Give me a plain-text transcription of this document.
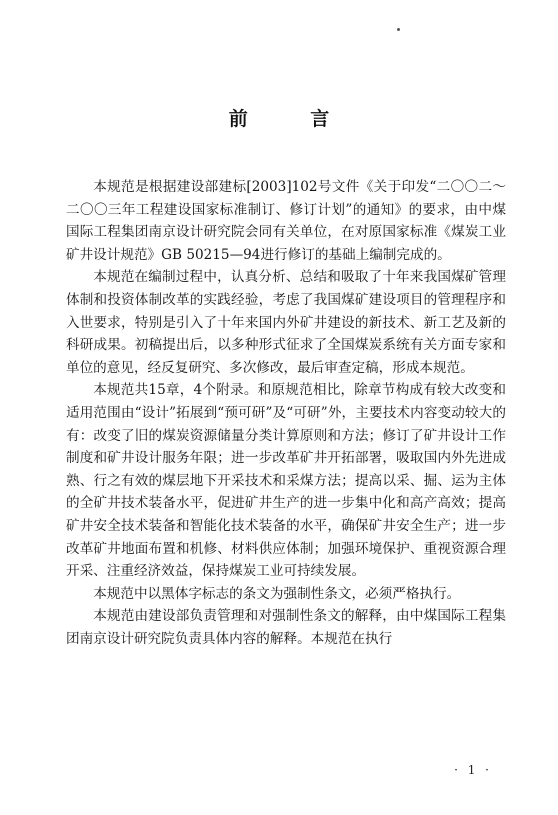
前 言

本规范是根据建设部建标[2003]102号文件《关于印发“二〇〇二～二〇〇三年工程建设国家标准制订、修订计划”的通知》的要求，由中煤国际工程集团南京设计研究院会同有关单位，在对原国家标准《煤炭工业矿井设计规范》GB 50215—94进行修订的基础上编制完成的。

本规范在编制过程中，认真分析、总结和吸取了十年来我国煤矿管理体制和投资体制改革的实践经验，考虑了我国煤矿建设项目的管理程序和入世要求，特别是引入了十年来国内外矿井建设的新技术、新工艺及新的科研成果。初稿提出后，以多种形式征求了全国煤炭系统有关方面专家和单位的意见，经反复研究、多次修改，最后审查定稿，形成本规范。

本规范共15章，4个附录。和原规范相比，除章节构成有较大改变和适用范围由“设计”拓展到“预可研”及“可研”外，主要技术内容变动较大的有：改变了旧的煤炭资源储量分类计算原则和方法；修订了矿井设计工作制度和矿井设计服务年限；进一步改革矿井开拓部署，吸取国内外先进成熟、行之有效的煤层地下开采技术和采煤方法；提高以采、掘、运为主体的全矿井技术装备水平，促进矿井生产的进一步集中化和高产高效；提高矿井安全技术装备和智能化技术装备的水平，确保矿井安全生产；进一步改革矿井地面布置和机修、材料供应体制；加强环境保护、重视资源合理开采、注重经济效益，保持煤炭工业可持续发展。

本规范中以黑体字标志的条文为强制性条文，必须严格执行。

本规范由建设部负责管理和对强制性条文的解释，由中煤国际工程集团南京设计研究院负责具体内容的解释。本规范在执行

· 1 ·
